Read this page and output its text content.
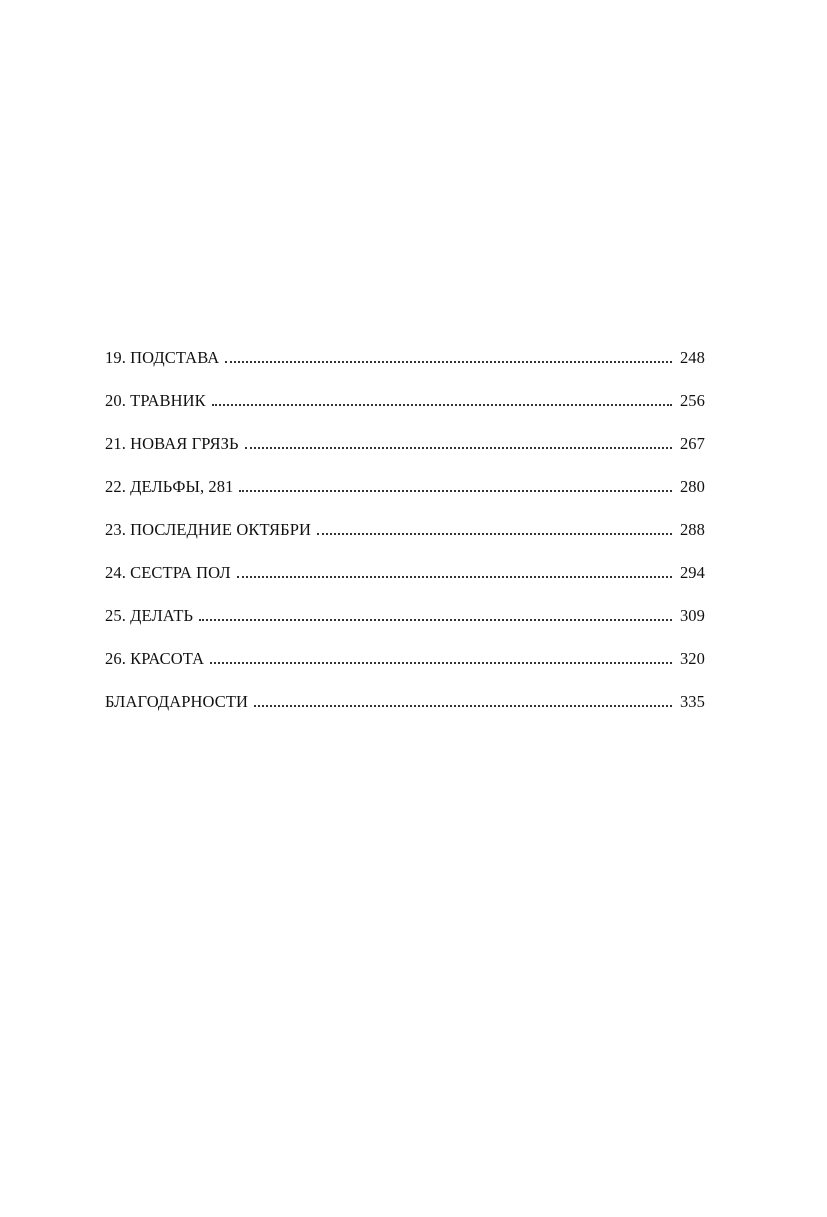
19. ПОДСТАВА	248
20. ТРАВНИК	256
21. НОВАЯ ГРЯЗЬ	267
22. ДЕЛЬФЫ, 281	280
23. ПОСЛЕДНИЕ ОКТЯБРИ	288
24. СЕСТРА ПОЛ	294
25. ДЕЛАТЬ	309
26. КРАСОТА	320
БЛАГОДАРНОСТИ	335
